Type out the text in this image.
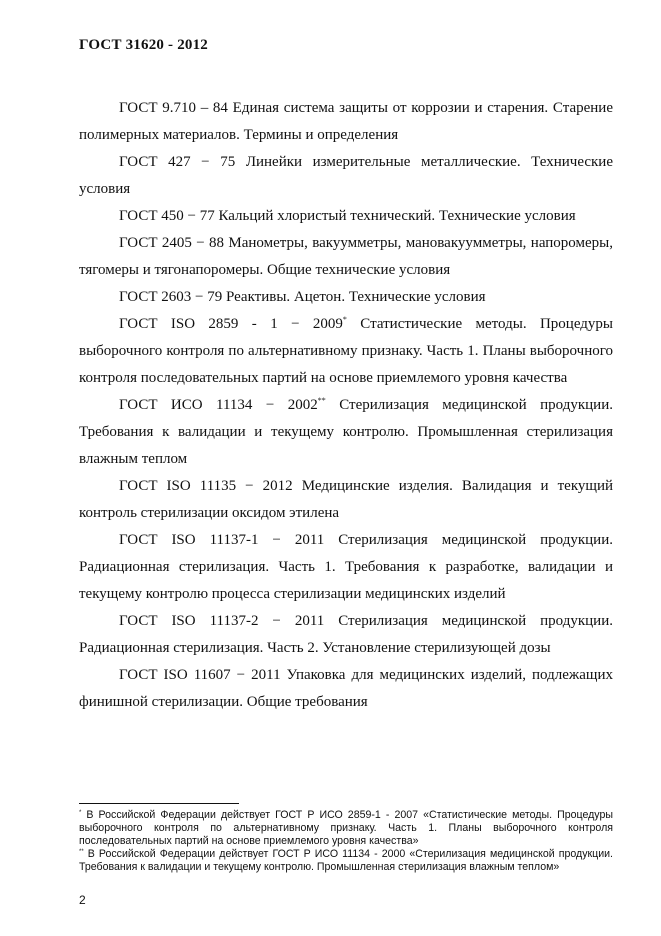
ГОСТ 31620 - 2012

ГОСТ 9.710 – 84 Единая система защиты от коррозии и старения. Старение полимерных материалов. Термины и определения

ГОСТ 427 − 75 Линейки измерительные металлические. Технические условия

ГОСТ 450 − 77 Кальций хлористый технический. Технические условия

ГОСТ 2405 − 88 Манометры, вакуумметры, мановакуумметры, напоромеры, тягомеры и тягонапоромеры. Общие технические условия

ГОСТ 2603 − 79 Реактивы. Ацетон. Технические условия

ГОСТ ISO 2859 - 1 − 2009* Статистические методы. Процедуры выборочного контроля по альтернативному признаку. Часть 1. Планы выборочного контроля последовательных партий на основе приемлемого уровня качества

ГОСТ ИСО 11134 − 2002** Стерилизация медицинской продукции. Требования к валидации и текущему контролю. Промышленная стерилизация влажным теплом

ГОСТ ISO 11135 − 2012 Медицинские изделия. Валидация и текущий контроль стерилизации оксидом этилена

ГОСТ ISO 11137-1 − 2011 Стерилизация медицинской продукции. Радиационная стерилизация. Часть 1. Требования к разработке, валидации и текущему контролю процесса стерилизации медицинских изделий

ГОСТ ISO 11137-2 − 2011 Стерилизация медицинской продукции. Радиационная стерилизация. Часть 2. Установление стерилизующей дозы

ГОСТ ISO 11607 − 2011 Упаковка для медицинских изделий, подлежащих финишной стерилизации. Общие требования

* В Российской Федерации действует ГОСТ Р ИСО 2859-1 - 2007 «Статистические методы. Процедуры выборочного контроля по альтернативному признаку. Часть 1. Планы выборочного контроля последовательных партий на основе приемлемого уровня качества»

** В Российской Федерации действует ГОСТ Р ИСО 11134 - 2000 «Стерилизация медицинской продукции. Требования к валидации и текущему контролю. Промышленная стерилизация влажным теплом»

2
